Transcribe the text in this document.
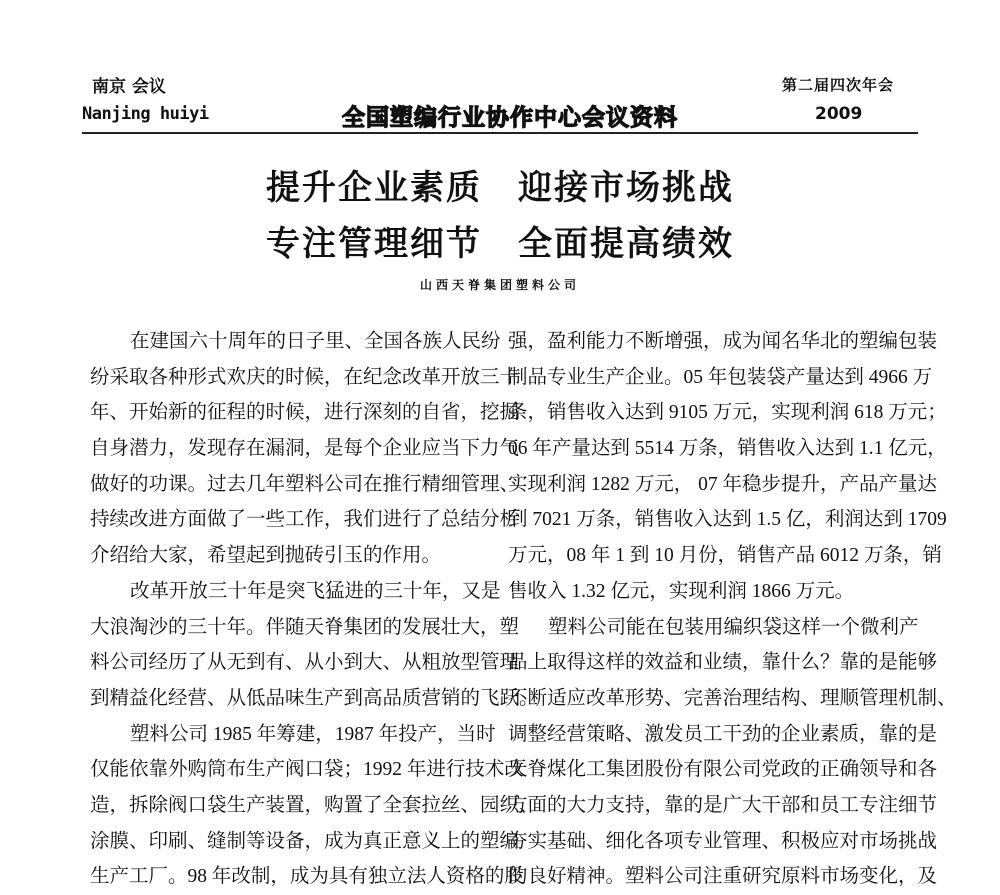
南京 会议
Nanjing huiyi	全国塑编行业协作中心会议资料
第二届四次年会
2009
提升企业素质　迎接市场挑战
专注管理细节　全面提高绩效
山西天脊集团塑料公司
在建国六十周年的日子里、全国各族人民纷
纷采取各种形式欢庆的时候，在纪念改革开放三十
年、开始新的征程的时候，进行深刻的自省，挖掘
自身潜力，发现存在漏洞，是每个企业应当下力气
做好的功课。过去几年塑料公司在推行精细管理、
持续改进方面做了一些工作，我们进行了总结分析
介绍给大家，希望起到抛砖引玉的作用。
改革开放三十年是突飞猛进的三十年，又是
大浪淘沙的三十年。伴随天脊集团的发展壮大，塑
料公司经历了从无到有、从小到大、从粗放型管理
到精益化经营、从低品味生产到高品质营销的飞跃。
塑料公司 1985 年筹建，1987 年投产，当时
仅能依靠外购筒布生产阀口袋；1992 年进行技术改
造，拆除阀口袋生产装置，购置了全套拉丝、园织、
涂膜、印刷、缝制等设备，成为真正意义上的塑编
生产工厂。98 年改制，成为具有独立法人资格的股
强，盈利能力不断增强，成为闻名华北的塑编包装
制品专业生产企业。05 年包装袋产量达到 4966 万
条，销售收入达到 9105 万元，实现利润 618 万元；
06 年产量达到 5514 万条，销售收入达到 1.1 亿元，
实现利润 1282 万元， 07 年稳步提升，产品产量达
到 7021 万条，销售收入达到 1.5 亿，利润达到 1709
万元，08 年 1 到 10 月份，销售产品 6012 万条，销
售收入 1.32 亿元，实现利润 1866 万元。
塑料公司能在包装用编织袋这样一个微利产
品上取得这样的效益和业绩，靠什么？靠的是能够
不断适应改革形势、完善治理结构、理顺管理机制、
调整经营策略、激发员工干劲的企业素质，靠的是
天脊煤化工集团股份有限公司党政的正确领导和各
方面的大力支持，靠的是广大干部和员工专注细节
夯实基础、细化各项专业管理、积极应对市场挑战
的良好精神。塑料公司注重研究原料市场变化，及
